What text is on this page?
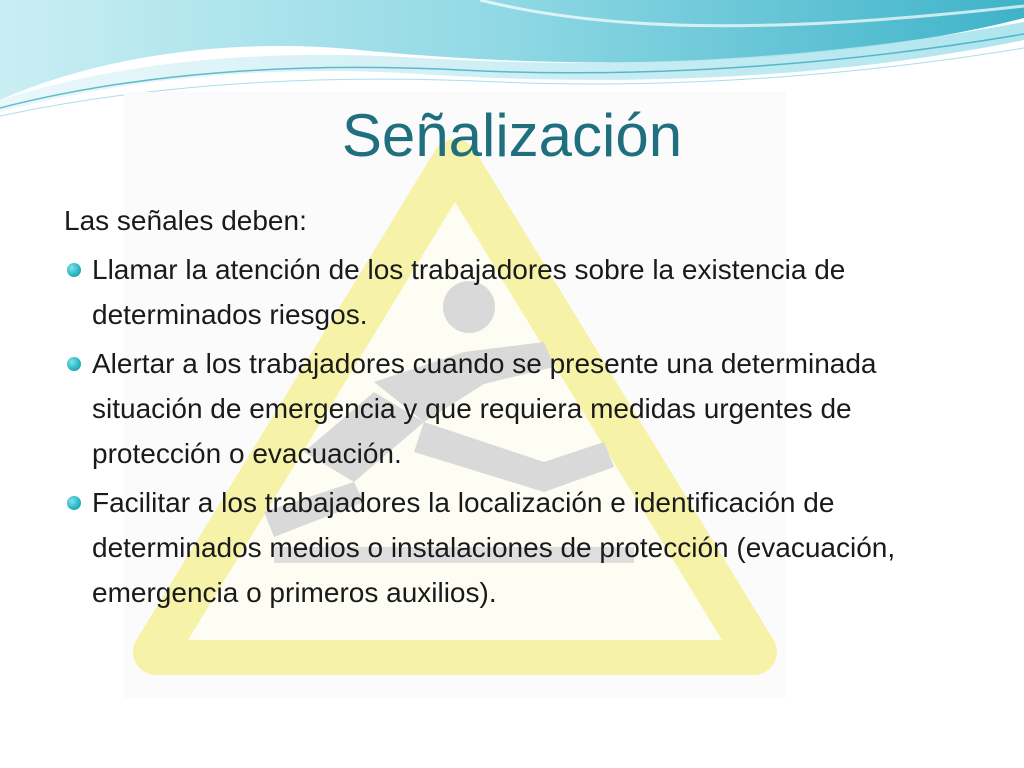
Señalización

Las señales deben:

Llamar la atención de los trabajadores sobre la existencia de determinados riesgos.
Alertar a los trabajadores cuando se presente una determinada situación de emergencia y que requiera medidas urgentes de protección o evacuación.
Facilitar a los trabajadores la localización e identificación de determinados medios o instalaciones de protección (evacuación, emergencia o primeros auxilios).
